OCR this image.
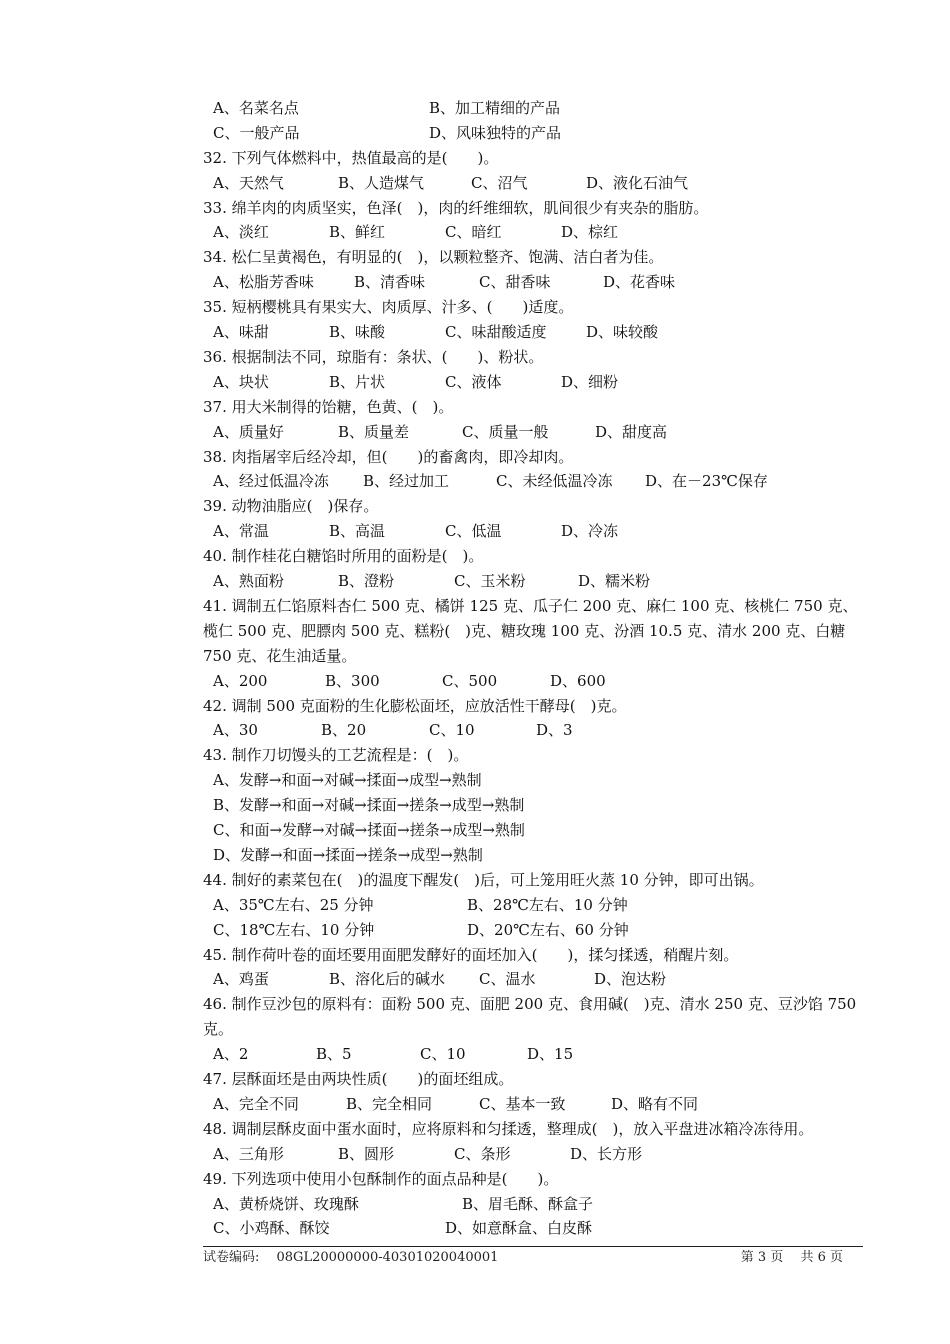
A、名菜名点	B、加工精细的产品
C、一般产品	D、风味独特的产品
32. 下列气体燃料中，热值最高的是(　　)。
A、天然气	B、人造煤气	C、沼气	D、液化石油气
33. 绵羊肉的肉质坚实，色泽(　)，肉的纤维细软，肌间很少有夹杂的脂肪。
A、淡红	B、鲜红	C、暗红	D、棕红
34. 松仁呈黄褐色，有明显的(　)，以颗粒整齐、饱满、洁白者为佳。
A、松脂芳香味	B、清香味	C、甜香味	D、花香味
35. 短柄樱桃具有果实大、肉质厚、汁多、(　　)适度。
A、味甜	B、味酸	C、味甜酸适度	D、味较酸
36. 根据制法不同，琼脂有：条状、(　　)、粉状。
A、块状	B、片状	C、液体	D、细粉
37. 用大米制得的饴糖，色黄、(　)。
A、质量好	B、质量差	C、质量一般	D、甜度高
38. 肉指屠宰后经冷却，但(　　)的畜禽肉，即冷却肉。
A、经过低温冷冻 B、经过加工	C、未经低温冷冻 D、在－23℃保存
39. 动物油脂应(　)保存。
A、常温	B、高温	C、低温	D、冷冻
40. 制作桂花白糖馅时所用的面粉是(　)。
A、熟面粉	B、澄粉	C、玉米粉	D、糯米粉
41. 调制五仁馅原料杏仁 500 克、橘饼 125 克、瓜子仁 200 克、麻仁 100 克、核桃仁 750 克、榄仁 500 克、肥膘肉 500 克、糕粉(　)克、糖玫瑰 100 克、汾酒 10.5 克、清水 200 克、白糖 750 克、花生油适量。
A、200	B、300	C、500	D、600
42. 调制 500 克面粉的生化膨松面坯，应放活性干酵母(　)克。
A、30	B、20	C、10	D、3
43. 制作刀切馒头的工艺流程是：(　)。
A、发酵→和面→对碱→揉面→成型→熟制
B、发酵→和面→对碱→揉面→搓条→成型→熟制
C、和面→发酵→对碱→揉面→搓条→成型→熟制
D、发酵→和面→揉面→搓条→成型→熟制
44. 制好的素菜包在(　)的温度下醒发(　)后，可上笼用旺火蒸 10 分钟，即可出锅。
A、35℃左右、25 分钟	B、28℃左右、10 分钟
C、18℃左右、10 分钟	D、20℃左右、60 分钟
45. 制作荷叶卷的面坯要用面肥发酵好的面坯加入(　　)，揉匀揉透，稍醒片刻。
A、鸡蛋	B、溶化后的碱水 C、温水	D、泡达粉
46. 制作豆沙包的原料有：面粉 500 克、面肥 200 克、食用碱(　)克、清水 250 克、豆沙馅 750 克。
A、2	B、5	C、10	D、15
47. 层酥面坯是由两块性质(　　)的面坯组成。
A、完全不同	B、完全相同	C、基本一致	D、略有不同
48. 调制层酥皮面中蛋水面时，应将原料和匀揉透，整理成(　)，放入平盘进冰箱冷冻待用。
A、三角形	B、圆形	C、条形	D、长方形
49. 下列选项中使用小包酥制作的面点品种是(　　)。
A、黄桥烧饼、玫瑰酥	B、眉毛酥、酥盒子
C、小鸡酥、酥饺	D、如意酥盒、白皮酥
试卷编码:　 08GL20000000-40301020040001	第 3 页　 共 6 页
